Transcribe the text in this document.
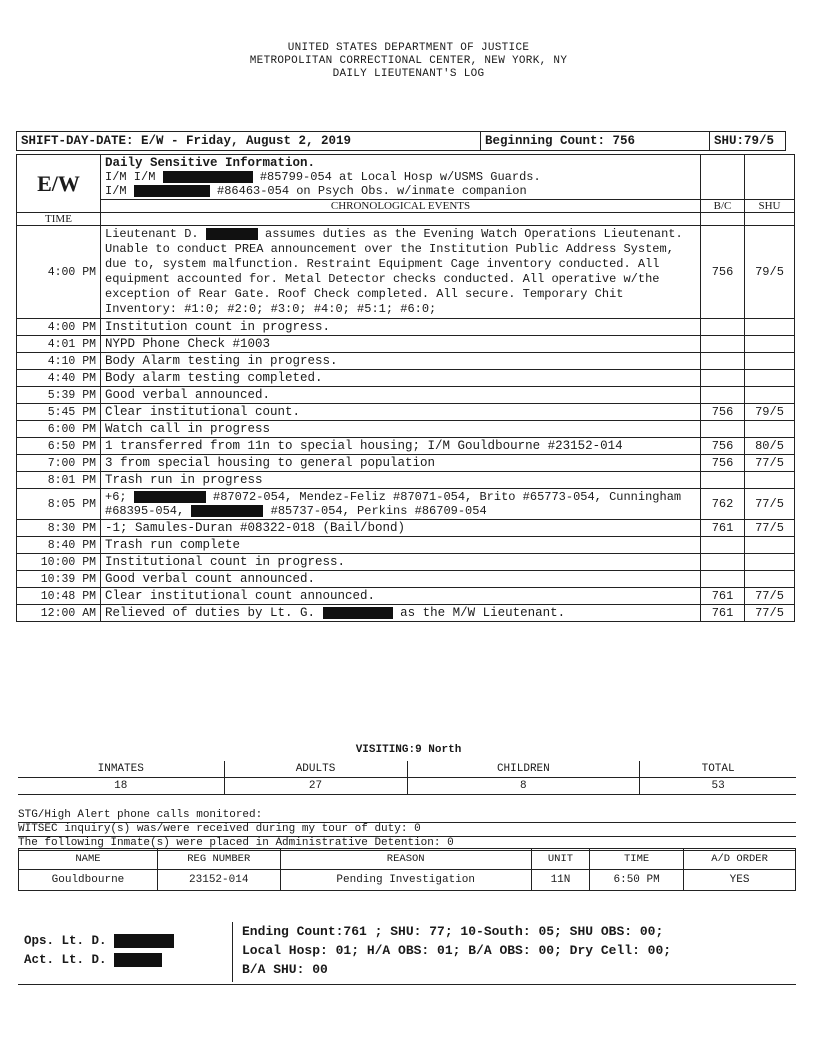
UNITED STATES DEPARTMENT OF JUSTICE
METROPOLITAN CORRECTIONAL CENTER, NEW YORK, NY
DAILY LIEUTENANT'S LOG
SHIFT-DAY-DATE: E/W - Friday, August 2, 2019	Beginning Count: 756	SHU:79/5
E/W	Daily Sensitive Information.
I/M I/M #85799-054 at Local Hosp w/USMS Guards.
I/M #86463-054 on Psych Obs. w/inmate companion		

	CHRONOLOGICAL EVENTS	B/C	SHU
TIME			
4:00 PM	Lieutenant D. assumes duties as the Evening Watch Operations Lieutenant. Unable to conduct PREA announcement over the Institution Public Address System, due to, system malfunction. Restraint Equipment Cage inventory conducted. All equipment accounted for. Metal Detector checks conducted. All operative w/the exception of Rear Gate. Roof Check completed. All secure. Temporary Chit Inventory: #1:0; #2:0; #3:0; #4:0; #5:1; #6:0;	756	79/5
4:00 PM	Institution count in progress.		
4:01 PM	NYPD Phone Check #1003		
4:10 PM	Body Alarm testing in progress.		
4:40 PM	Body alarm testing completed.		
5:39 PM	Good verbal announced.		
5:45 PM	Clear institutional count.	756	79/5
6:00 PM	Watch call in progress		
6:50 PM	1 transferred from 11n to special housing; I/M Gouldbourne #23152-014	756	80/5
7:00 PM	3 from special housing to general population	756	77/5
8:01 PM	Trash run in progress		
8:05 PM	+6; #87072-054, Mendez-Feliz #87071-054, Brito #65773-054, Cunningham #68395-054, #85737-054, Perkins #86709-054	762	77/5
8:30 PM	-1; Samules-Duran #08322-018 (Bail/bond)	761	77/5
8:40 PM	Trash run complete		
10:00 PM	Institutional count in progress.		
10:39 PM	Good verbal count announced.		
10:48 PM	Clear institutional count announced.	761	77/5
12:00 AM	Relieved of duties by Lt. G. as the M/W Lieutenant.	761	77/5
VISITING:9 North
INMATES	ADULTS	CHILDREN	TOTAL
18	27	8	53
STG/High Alert phone calls monitored:
WITSEC inquiry(s) was/were received during my tour of duty: 0
The following Inmate(s) were placed in Administrative Detention: 0
NAME	REG NUMBER	REASON	UNIT	TIME	A/D ORDER
Gouldbourne	23152-014	Pending Investigation	11N	6:50 PM	YES
Ops. Lt. D.
Act. Lt. D.
Ending Count:761 ; SHU: 77; 10-South: 05; SHU OBS: 00;
Local Hosp: 01; H/A OBS: 01; B/A OBS: 00; Dry Cell: 00;
B/A SHU: 00
